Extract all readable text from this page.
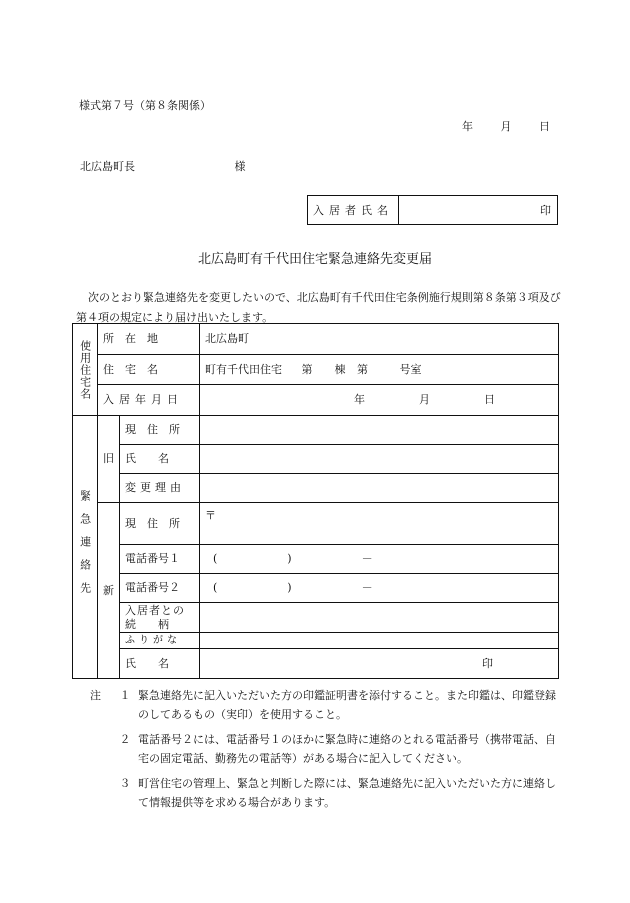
様式第７号（第８条関係）
年	月	日
北広島町長	様
入居者氏名	印
北広島町有千代田住宅緊急連絡先変更届
次のとおり緊急連絡先を変更したいので、北広島町有千代田住宅条例施行規則第８条第３項及び第４項の規定により届け出いたします。
使用住宅名	所　在　地		北広島町

	住　宅　名		町有千代田住宅 第　　棟 第 号室

	入居年月日		年 月 日

緊急連絡先	旧	現　住　所	

		氏　　名	

		変更理由	

	新	現　住　所	〒

		電話番号１	( ) －

		電話番号２	( ) －

		入居者との
続　　柄	

		ふりがな	

		氏　　名	印
注	１ 緊急連絡先に記入いただいた方の印鑑証明書を添付すること。また印鑑は、印鑑登録のしてあるもの（実印）を使用すること。
２ 電話番号２には、電話番号１のほかに緊急時に連絡のとれる電話番号（携帯電話、自宅の固定電話、勤務先の電話等）がある場合に記入してください。
３ 町営住宅の管理上、緊急と判断した際には、緊急連絡先に記入いただいた方に連絡して情報提供等を求める場合があります。
